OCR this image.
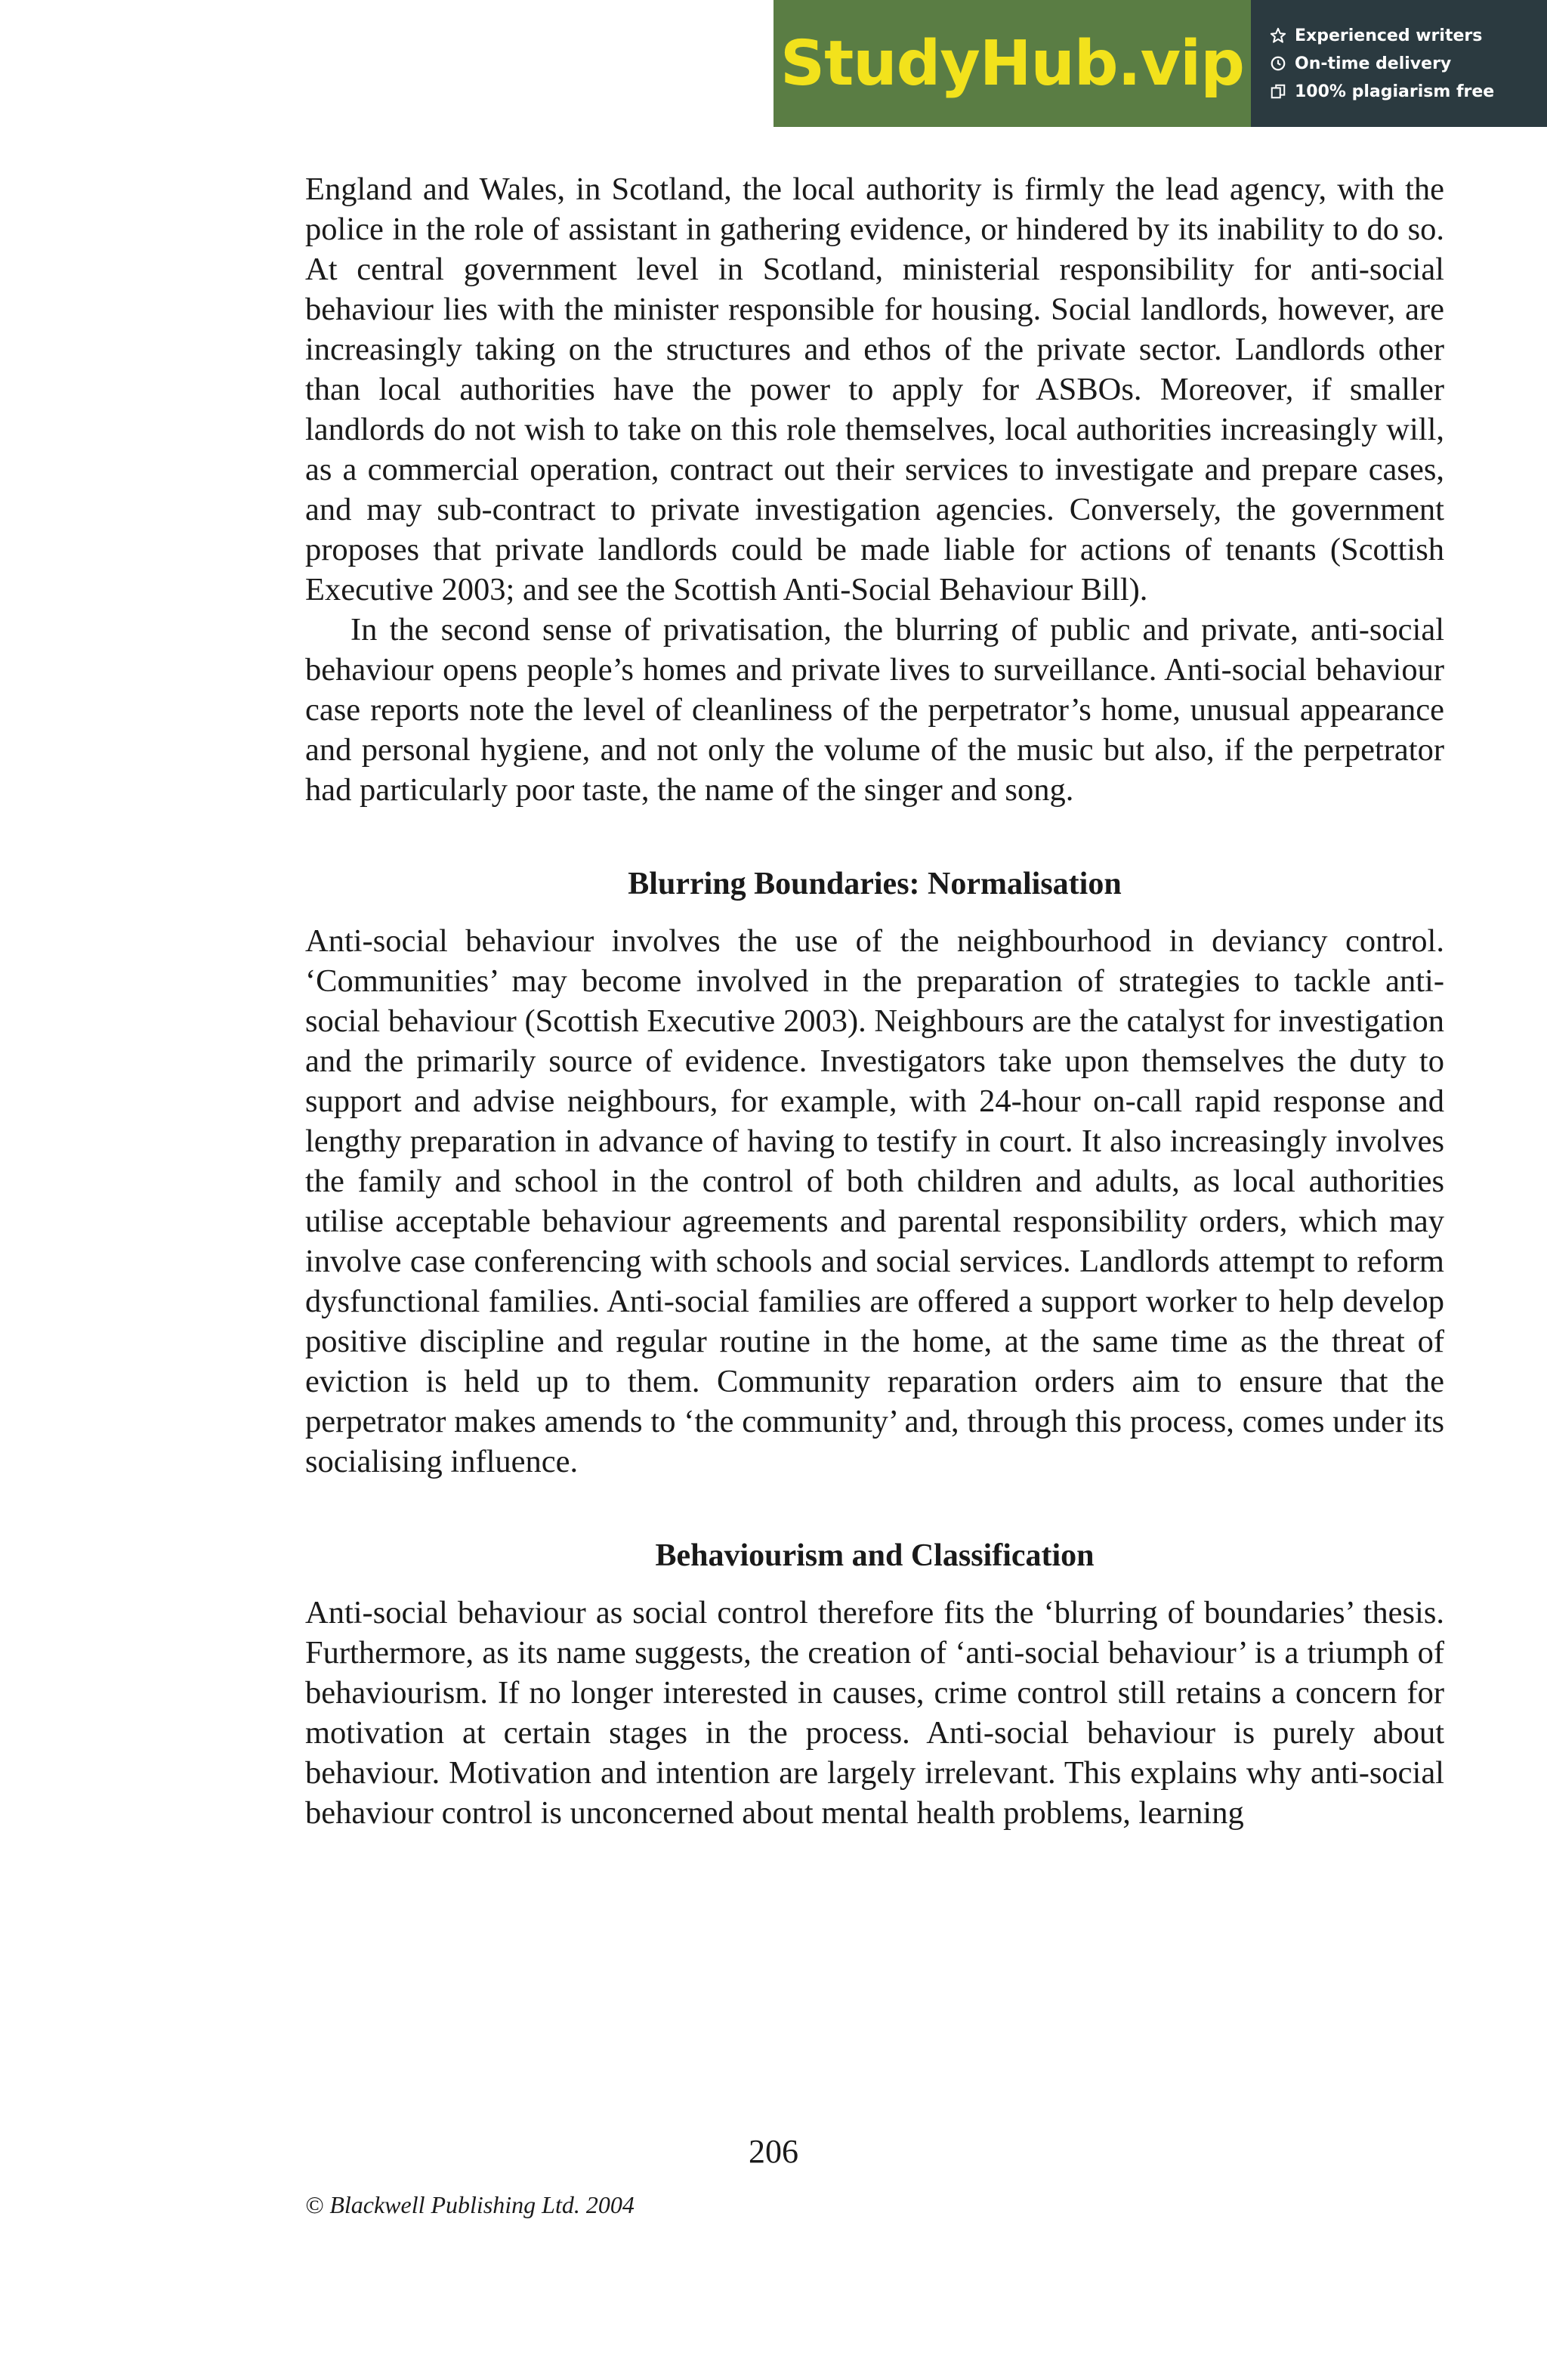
StudyHub.vip	Experienced writers
On-time delivery
100% plagiarism free

England and Wales, in Scotland, the local authority is firmly the lead agency, with the police in the role of assistant in gathering evidence, or hindered by its inability to do so. At central government level in Scotland, ministerial responsibility for anti-social behaviour lies with the minister responsible for housing. Social landlords, however, are increasingly taking on the structures and ethos of the private sector. Landlords other than local authorities have the power to apply for ASBOs. Moreover, if smaller landlords do not wish to take on this role themselves, local authorities increasingly will, as a commercial operation, contract out their services to investigate and prepare cases, and may sub-contract to private investigation agencies. Conversely, the government proposes that private landlords could be made liable for actions of tenants (Scottish Executive 2003; and see the Scottish Anti-Social Behaviour Bill).

In the second sense of privatisation, the blurring of public and private, anti-social behaviour opens people’s homes and private lives to surveillance. Anti-social behaviour case reports note the level of cleanliness of the perpetrator’s home, unusual appearance and personal hygiene, and not only the volume of the music but also, if the perpetrator had particularly poor taste, the name of the singer and song.

Blurring Boundaries: Normalisation

Anti-social behaviour involves the use of the neighbourhood in deviancy control. ‘Communities’ may become involved in the preparation of strategies to tackle anti-social behaviour (Scottish Executive 2003). Neighbours are the catalyst for investigation and the primarily source of evidence. Investigators take upon themselves the duty to support and advise neighbours, for example, with 24-hour on-call rapid response and lengthy preparation in advance of having to testify in court. It also increasingly involves the family and school in the control of both children and adults, as local authorities utilise acceptable behaviour agreements and parental responsibility orders, which may involve case conferencing with schools and social services. Landlords attempt to reform dysfunctional families. Anti-social families are offered a support worker to help develop positive discipline and regular routine in the home, at the same time as the threat of eviction is held up to them. Community reparation orders aim to ensure that the perpetrator makes amends to ‘the community’ and, through this process, comes under its socialising influence.

Behaviourism and Classification

Anti-social behaviour as social control therefore fits the ‘blurring of boundaries’ thesis. Furthermore, as its name suggests, the creation of ‘anti-social behaviour’ is a triumph of behaviourism. If no longer interested in causes, crime control still retains a concern for motivation at certain stages in the process. Anti-social behaviour is purely about behaviour. Motivation and intention are largely irrelevant. This explains why anti-social behaviour control is unconcerned about mental health problems, learning

206
© Blackwell Publishing Ltd. 2004
